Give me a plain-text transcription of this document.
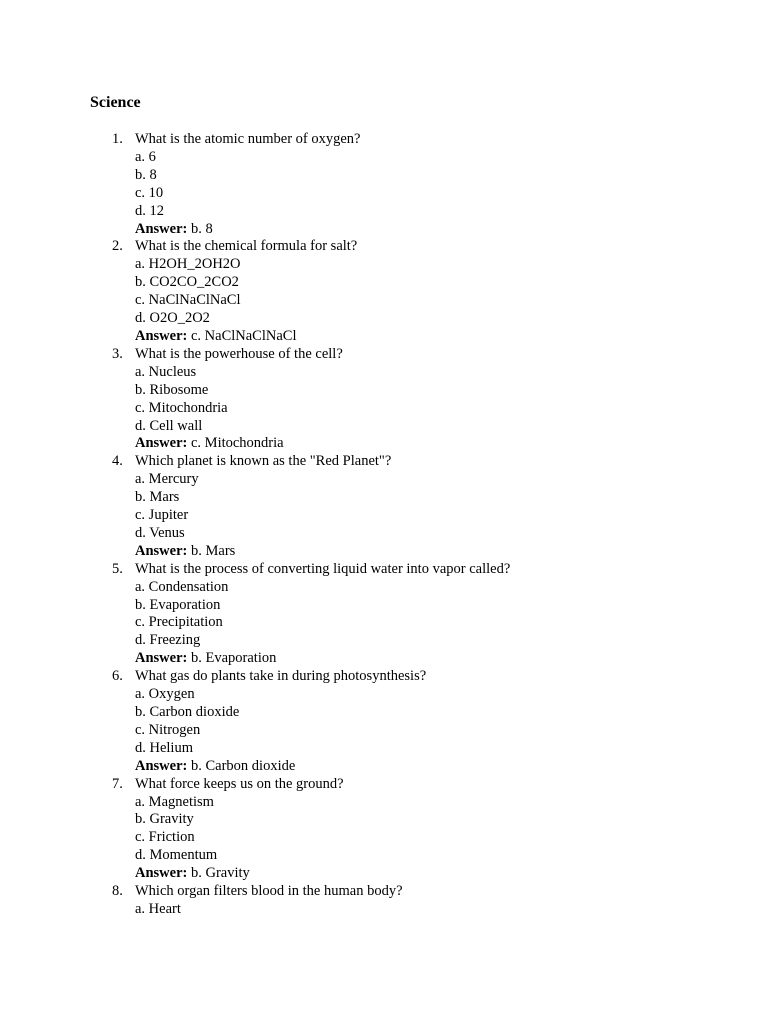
Science
1. What is the atomic number of oxygen?
a. 6
b. 8
c. 10
d. 12
Answer: b. 8
2. What is the chemical formula for salt?
a. H2OH_2OH2O
b. CO2CO_2CO2
c. NaClNaClNaCl
d. O2O_2O2
Answer: c. NaClNaClNaCl
3. What is the powerhouse of the cell?
a. Nucleus
b. Ribosome
c. Mitochondria
d. Cell wall
Answer: c. Mitochondria
4. Which planet is known as the "Red Planet"?
a. Mercury
b. Mars
c. Jupiter
d. Venus
Answer: b. Mars
5. What is the process of converting liquid water into vapor called?
a. Condensation
b. Evaporation
c. Precipitation
d. Freezing
Answer: b. Evaporation
6. What gas do plants take in during photosynthesis?
a. Oxygen
b. Carbon dioxide
c. Nitrogen
d. Helium
Answer: b. Carbon dioxide
7. What force keeps us on the ground?
a. Magnetism
b. Gravity
c. Friction
d. Momentum
Answer: b. Gravity
8. Which organ filters blood in the human body?
a. Heart
